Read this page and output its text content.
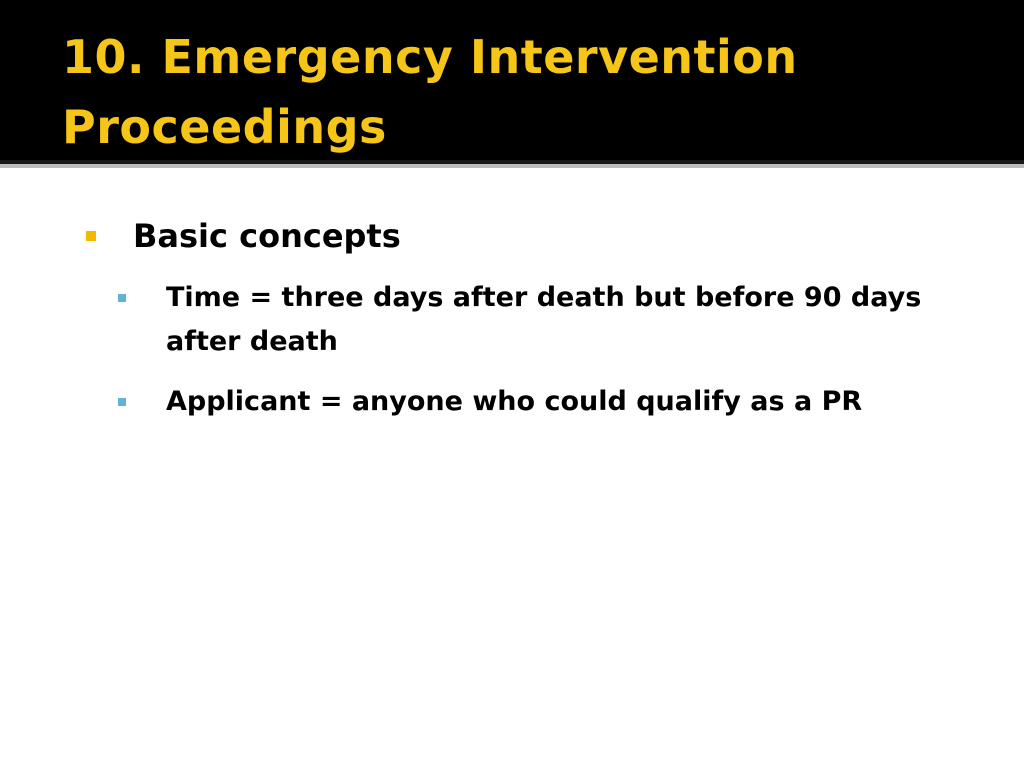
10. Emergency Intervention Proceedings
Basic concepts
Time = three days after death but before 90 days after death
Applicant = anyone who could qualify as a PR
